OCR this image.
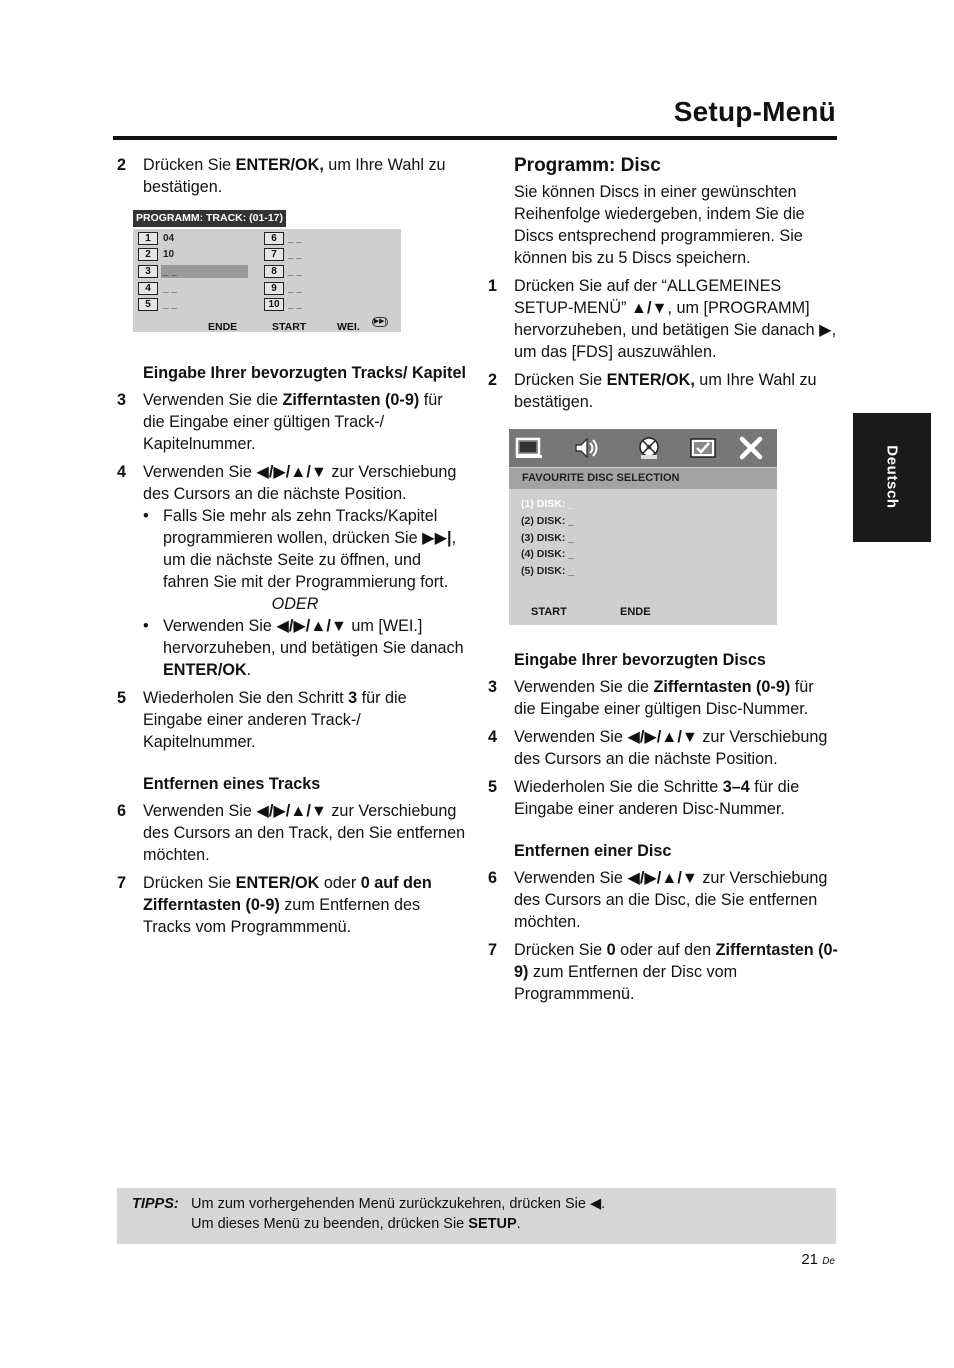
Setup-Menü
Deutsch
2 Drücken Sie ENTER/OK, um Ihre Wahl zu bestätigen.
PROGRAMM: TRACK: (01-17)
1	04
2	10
3	_ _
4	_ _
5	_ _
6	_ _
7	_ _
8	_ _
9	_ _
10 _ _
ENDE	START	WEI. ▶▶|
Eingabe Ihrer bevorzugten Tracks/ Kapitel
3 Verwenden Sie die Zifferntasten (0-9) für die Eingabe einer gültigen Track-/ Kapitelnummer.
4 Verwenden Sie ◀/▶/▲/▼ zur Verschiebung des Cursors an die nächste Position.
• Falls Sie mehr als zehn Tracks/Kapitel programmieren wollen, drücken Sie ▶▶|, um die nächste Seite zu öffnen, und fahren Sie mit der Programmierung fort.
ODER
• Verwenden Sie ◀/▶/▲/▼ um [WEI.] hervorzuheben, und betätigen Sie danach ENTER/OK.
5 Wiederholen Sie den Schritt 3 für die Eingabe einer anderen Track-/ Kapitelnummer.
Entfernen eines Tracks
6 Verwenden Sie ◀/▶/▲/▼ zur Verschiebung des Cursors an den Track, den Sie entfernen möchten.
7 Drücken Sie ENTER/OK oder 0 auf den Zifferntasten (0-9) zum Entfernen des Tracks vom Programmmenü.
Programm: Disc
Sie können Discs in einer gewünschten Reihenfolge wiedergeben, indem Sie die Discs entsprechend programmieren. Sie können bis zu 5 Discs speichern.
1 Drücken Sie auf der “ALLGEMEINES SETUP-MENÜ” ▲/▼, um [PROGRAMM] hervorzuheben, und betätigen Sie danach ▶, um das [FDS] auszuwählen.
2 Drücken Sie ENTER/OK, um Ihre Wahl zu bestätigen.
FAVOURITE DISC SELECTION
(1) DISK: _
(2) DISK: _
(3) DISK: _
(4) DISK: _
(5) DISK: _
START	ENDE
Eingabe Ihrer bevorzugten Discs
3 Verwenden Sie die Zifferntasten (0-9) für die Eingabe einer gültigen Disc-Nummer.
4 Verwenden Sie ◀/▶/▲/▼ zur Verschiebung des Cursors an die nächste Position.
5 Wiederholen Sie die Schritte 3–4 für die Eingabe einer anderen Disc-Nummer.
Entfernen einer Disc
6 Verwenden Sie ◀/▶/▲/▼ zur Verschiebung des Cursors an die Disc, die Sie entfernen möchten.
7 Drücken Sie 0 oder auf den Zifferntasten (0-9) zum Entfernen der Disc vom Programmmenü.
TIPPS: Um zum vorhergehenden Menü zurückzukehren, drücken Sie ◀.
Um dieses Menü zu beenden, drücken Sie SETUP.
21 De
